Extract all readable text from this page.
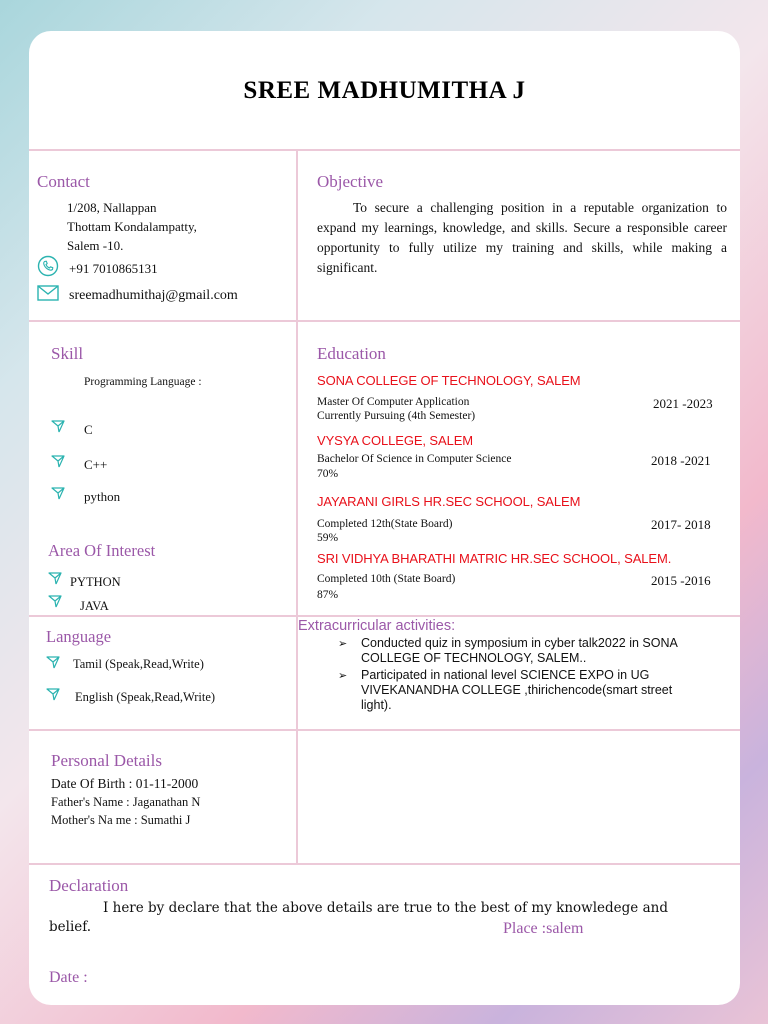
SREE MADHUMITHA J
Contact
1/208, Nallappan
Thottam Kondalampatty,
Salem -10.
+91 7010865131
sreemadhumithaj@gmail.com
Objective
To secure a challenging position in a reputable organization to expand my learnings, knowledge, and skills. Secure a responsible career opportunity to fully utilize my training and skills, while making a significant.
Skill
Programming Language :
C
C++
python
Area Of Interest
PYTHON
JAVA
Education
SONA COLLEGE OF TECHNOLOGY, SALEM
Master Of Computer Application
Currently Pursuing (4th Semester)
2021 -2023
VYSYA COLLEGE, SALEM
Bachelor Of Science in Computer Science
70%
2018 -2021
JAYARANI GIRLS HR.SEC SCHOOL, SALEM
Completed 12th(State Board)
59%
2017- 2018
SRI VIDHYA BHARATHI MATRIC HR.SEC SCHOOL, SALEM.
Completed 10th (State Board)
87%
2015 -2016
Language
Tamil (Speak,Read,Write)
English (Speak,Read,Write)
Extracurricular activities:
➢ Conducted quiz in symposium in cyber talk2022 in SONA
COLLEGE OF TECHNOLOGY, SALEM..
➢ Participated in national level SCIENCE EXPO in UG
VIVEKANANDHA COLLEGE ,thirichencode(smart street
light).
Personal Details
Date Of Birth : 01-11-2000
Father's Name : Jaganathan N
Mother's Na me : Sumathi J
Declaration
I here by declare that the above details are true to the best of my knowledege and
belief.	Place :salem
Date :
